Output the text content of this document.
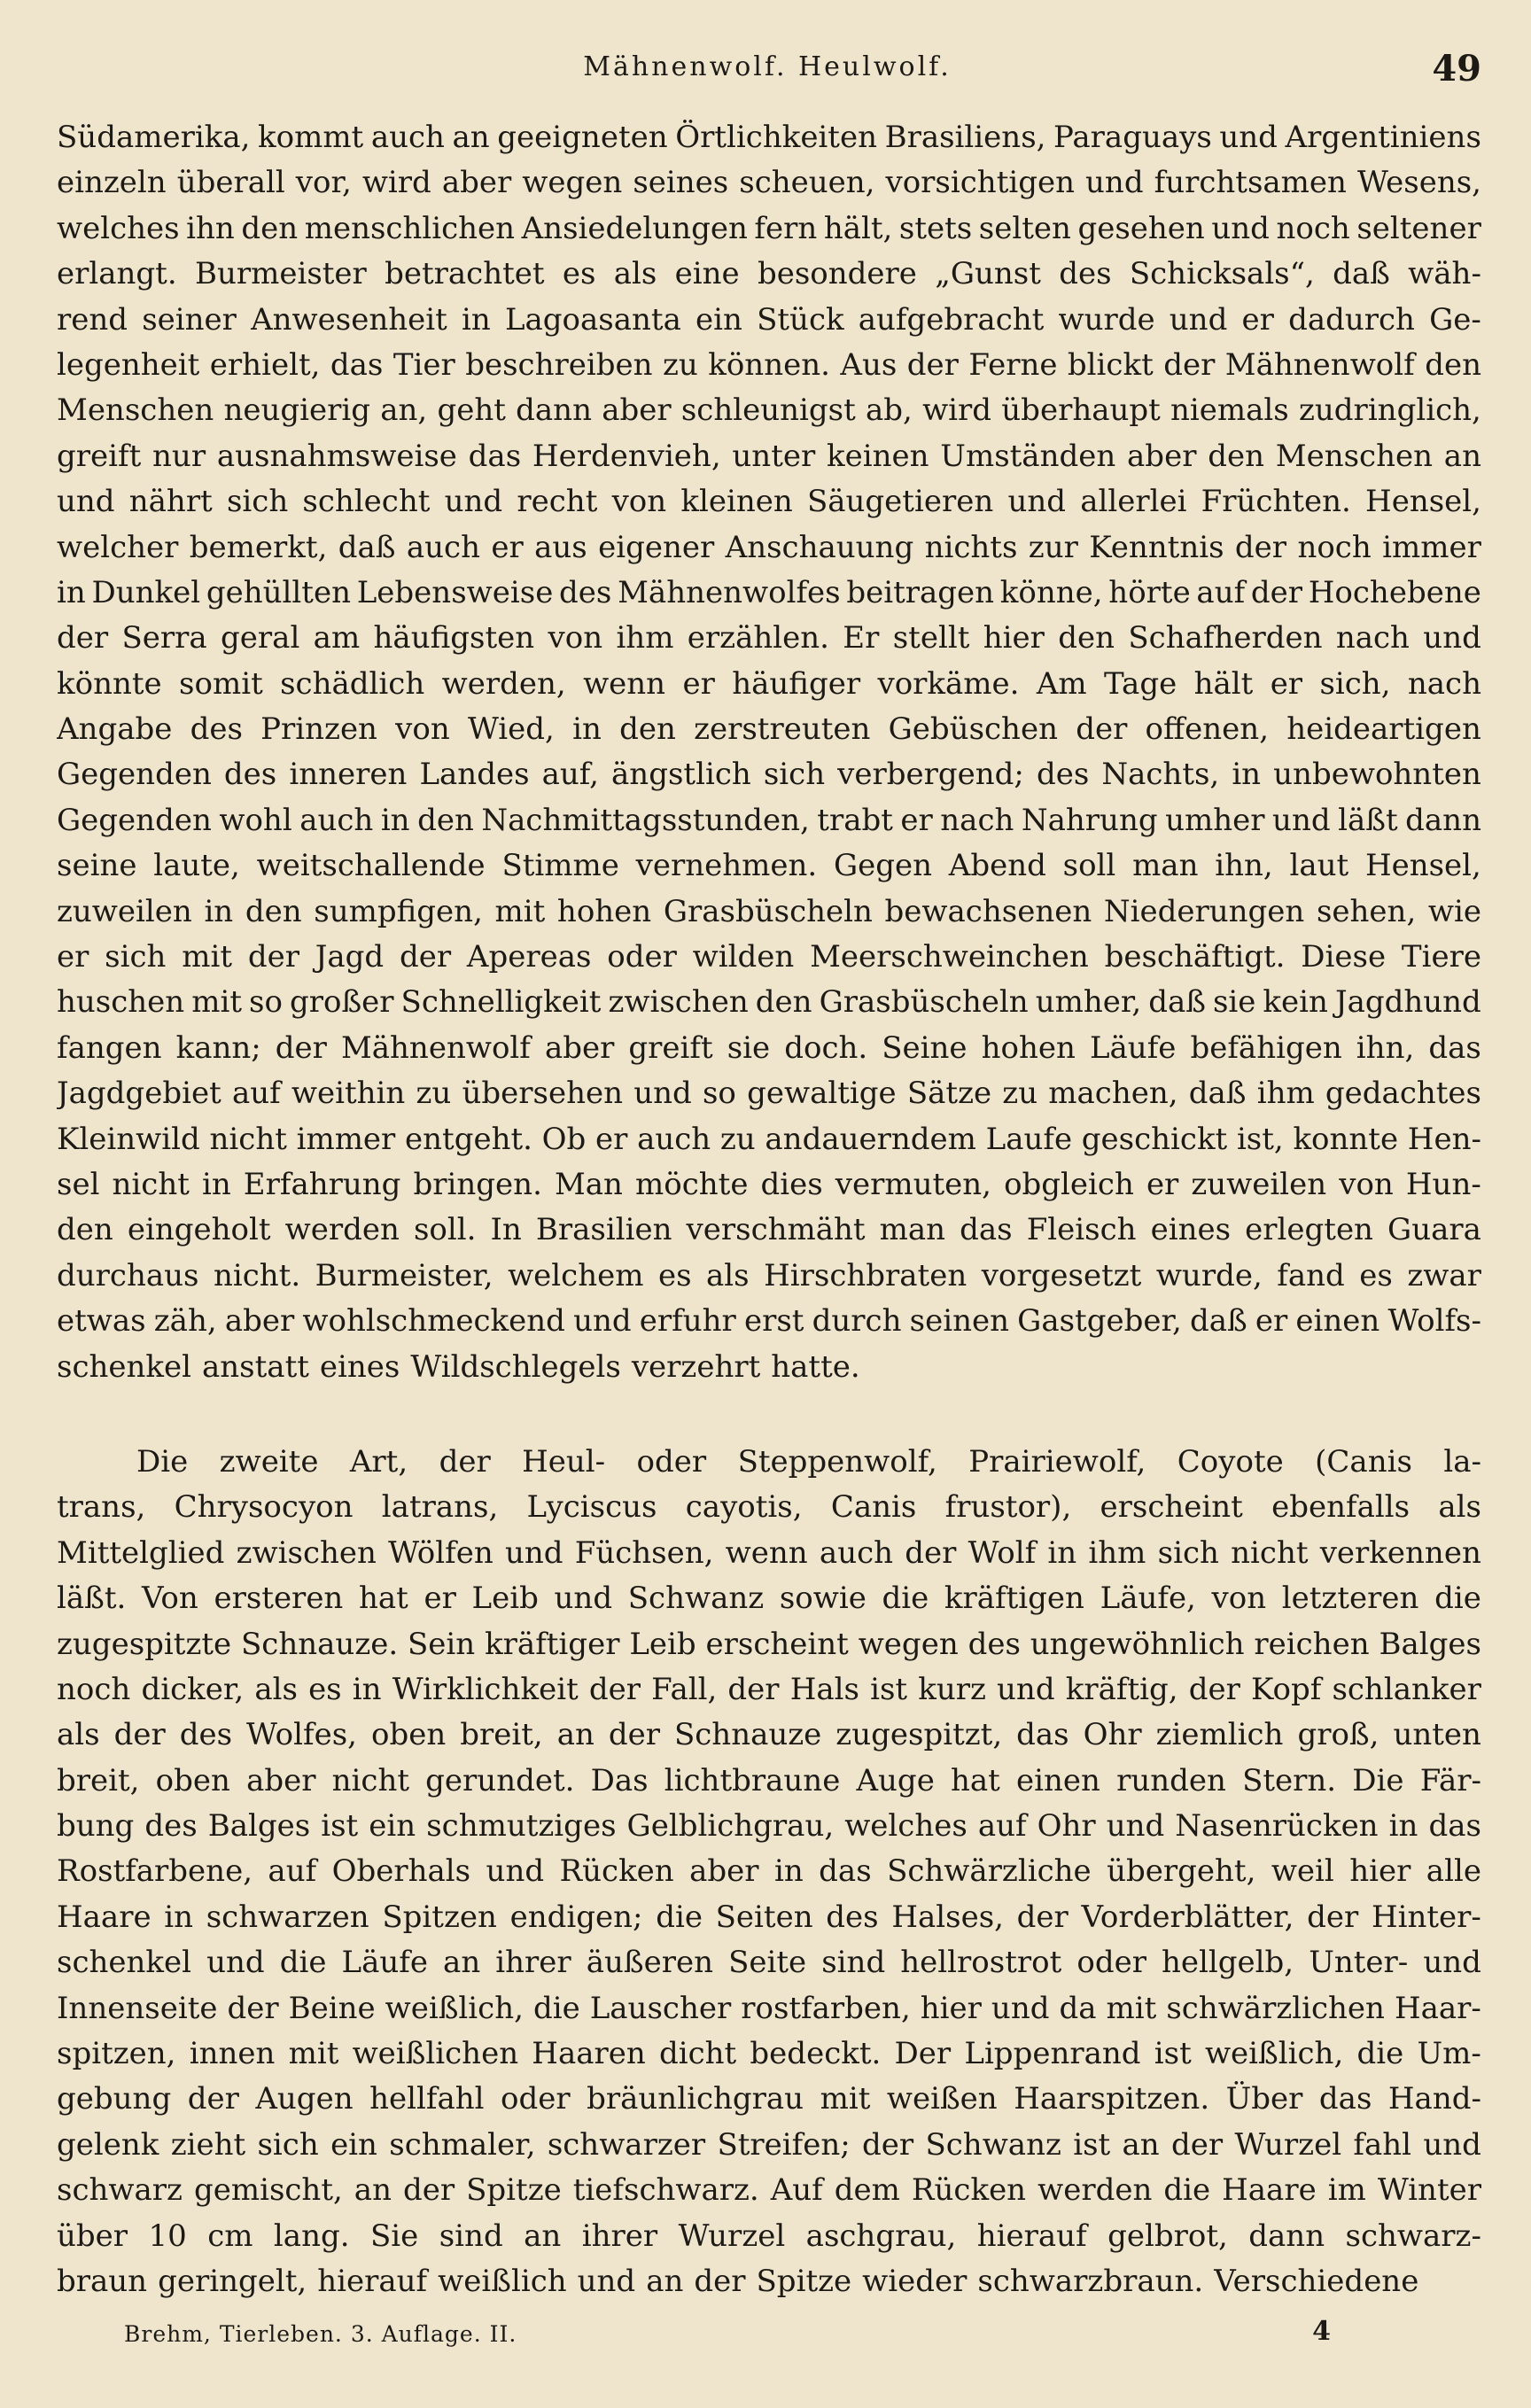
Mähnenwolf. Heulwolf.	49
Südamerika, kommt auch an geeigneten Örtlichkeiten Brasiliens, Paraguays und Argentiniens
einzeln überall vor, wird aber wegen seines scheuen, vorsichtigen und furchtsamen Wesens,
welches ihn den menschlichen Ansiedelungen fern hält, stets selten gesehen und noch seltener
erlangt. Burmeister betrachtet es als eine besondere „Gunst des Schicksals“, daß wäh-
rend seiner Anwesenheit in Lagoasanta ein Stück aufgebracht wurde und er dadurch Ge-
legenheit erhielt, das Tier beschreiben zu können. Aus der Ferne blickt der Mähnenwolf den
Menschen neugierig an, geht dann aber schleunigst ab, wird überhaupt niemals zudringlich,
greift nur ausnahmsweise das Herdenvieh, unter keinen Umständen aber den Menschen an
und nährt sich schlecht und recht von kleinen Säugetieren und allerlei Früchten. Hensel,
welcher bemerkt, daß auch er aus eigener Anschauung nichts zur Kenntnis der noch immer
in Dunkel gehüllten Lebensweise des Mähnenwolfes beitragen könne, hörte auf der Hochebene
der Serra geral am häufigsten von ihm erzählen. Er stellt hier den Schafherden nach und
könnte somit schädlich werden, wenn er häufiger vorkäme. Am Tage hält er sich, nach
Angabe des Prinzen von Wied, in den zerstreuten Gebüschen der offenen, heideartigen
Gegenden des inneren Landes auf, ängstlich sich verbergend; des Nachts, in unbewohnten
Gegenden wohl auch in den Nachmittagsstunden, trabt er nach Nahrung umher und läßt dann
seine laute, weitschallende Stimme vernehmen. Gegen Abend soll man ihn, laut Hensel,
zuweilen in den sumpfigen, mit hohen Grasbüscheln bewachsenen Niederungen sehen, wie
er sich mit der Jagd der Apereas oder wilden Meerschweinchen beschäftigt. Diese Tiere
huschen mit so großer Schnelligkeit zwischen den Grasbüscheln umher, daß sie kein Jagdhund
fangen kann; der Mähnenwolf aber greift sie doch. Seine hohen Läufe befähigen ihn, das
Jagdgebiet auf weithin zu übersehen und so gewaltige Sätze zu machen, daß ihm gedachtes
Kleinwild nicht immer entgeht. Ob er auch zu andauerndem Laufe geschickt ist, konnte Hen-
sel nicht in Erfahrung bringen. Man möchte dies vermuten, obgleich er zuweilen von Hun-
den eingeholt werden soll. In Brasilien verschmäht man das Fleisch eines erlegten Guara
durchaus nicht. Burmeister, welchem es als Hirschbraten vorgesetzt wurde, fand es zwar
etwas zäh, aber wohlschmeckend und erfuhr erst durch seinen Gastgeber, daß er einen Wolfs-
schenkel anstatt eines Wildschlegels verzehrt hatte.
Die zweite Art, der Heul- oder Steppenwolf, Prairiewolf, Coyote (Canis la-
trans, Chrysocyon latrans, Lyciscus cayotis, Canis frustor), erscheint ebenfalls als
Mittelglied zwischen Wölfen und Füchsen, wenn auch der Wolf in ihm sich nicht verkennen
läßt. Von ersteren hat er Leib und Schwanz sowie die kräftigen Läufe, von letzteren die
zugespitzte Schnauze. Sein kräftiger Leib erscheint wegen des ungewöhnlich reichen Balges
noch dicker, als es in Wirklichkeit der Fall, der Hals ist kurz und kräftig, der Kopf schlanker
als der des Wolfes, oben breit, an der Schnauze zugespitzt, das Ohr ziemlich groß, unten
breit, oben aber nicht gerundet. Das lichtbraune Auge hat einen runden Stern. Die Fär-
bung des Balges ist ein schmutziges Gelblichgrau, welches auf Ohr und Nasenrücken in das
Rostfarbene, auf Oberhals und Rücken aber in das Schwärzliche übergeht, weil hier alle
Haare in schwarzen Spitzen endigen; die Seiten des Halses, der Vorderblätter, der Hinter-
schenkel und die Läufe an ihrer äußeren Seite sind hellrostrot oder hellgelb, Unter- und
Innenseite der Beine weißlich, die Lauscher rostfarben, hier und da mit schwärzlichen Haar-
spitzen, innen mit weißlichen Haaren dicht bedeckt. Der Lippenrand ist weißlich, die Um-
gebung der Augen hellfahl oder bräunlichgrau mit weißen Haarspitzen. Über das Hand-
gelenk zieht sich ein schmaler, schwarzer Streifen; der Schwanz ist an der Wurzel fahl und
schwarz gemischt, an der Spitze tiefschwarz. Auf dem Rücken werden die Haare im Winter
über 10 cm lang. Sie sind an ihrer Wurzel aschgrau, hierauf gelbrot, dann schwarz-
braun geringelt, hierauf weißlich und an der Spitze wieder schwarzbraun. Verschiedene
Brehm, Tierleben. 3. Auflage. II.	4
